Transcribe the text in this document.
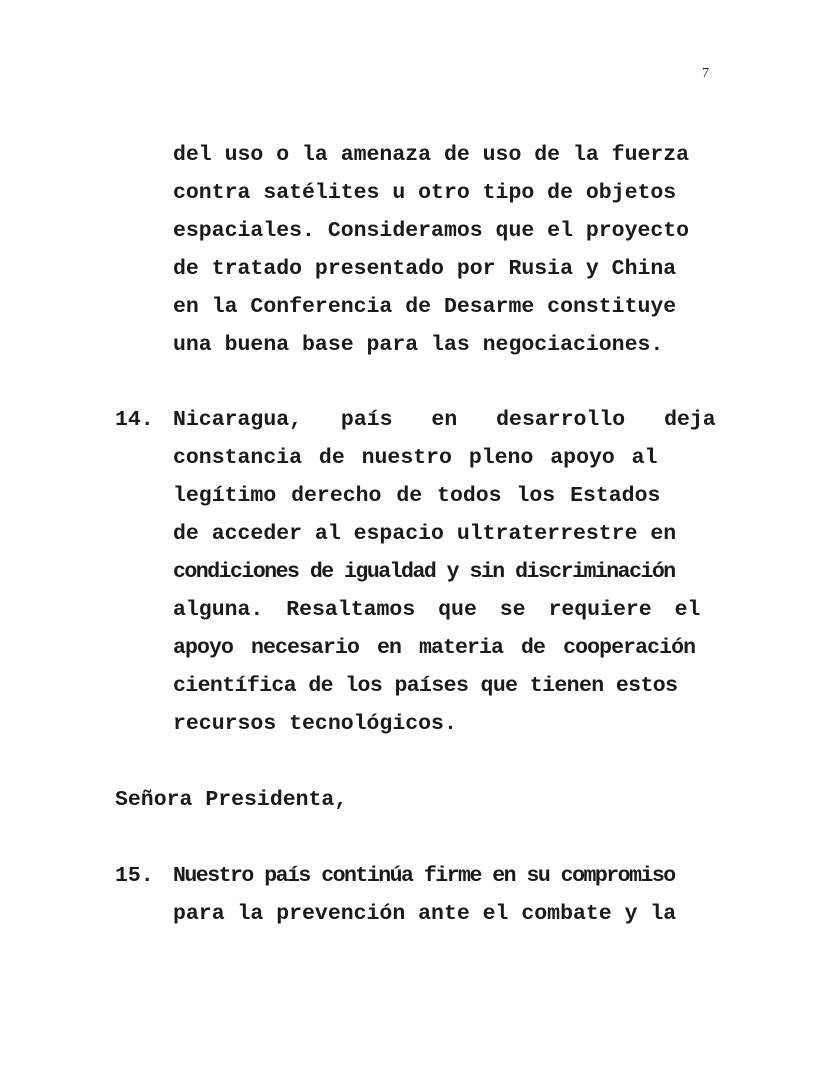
7
del uso o la amenaza de uso de la fuerza
contra satélites u otro tipo de objetos
espaciales. Consideramos que el proyecto
de tratado presentado por Rusia y China
en la Conferencia de Desarme constituye
una buena base para las negociaciones.
14. Nicaragua, país en desarrollo deja
constancia de nuestro pleno apoyo al
legítimo derecho de todos los Estados
de acceder al espacio ultraterrestre en
condiciones de igualdad y sin discriminación
alguna. Resaltamos que se requiere el
apoyo necesario en materia de cooperación
científica de los países que tienen estos
recursos tecnológicos.
Señora Presidenta,
15. Nuestro país continúa firme en su compromiso
para la prevención ante el combate y la
